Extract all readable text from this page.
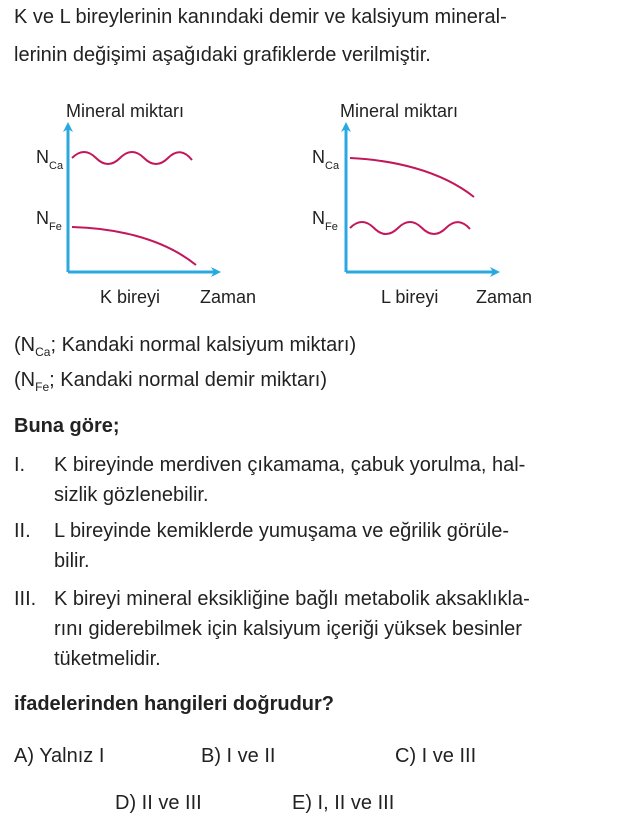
K ve L bireylerinin kanındaki demir ve kalsiyum mineral-
lerinin değişimi aşağıdaki grafiklerde verilmiştir.
Mineral miktarı
$N_{Ca}$
$N_{Fe}$
K bireyi Zaman
Mineral miktarı
$N_{Ca}$
$N_{Fe}$
L bireyi Zaman
($N_{Ca}$; Kandaki normal kalsiyum miktarı)
($N_{Fe}$; Kandaki normal demir miktarı)
Buna göre;
I. K bireyinde merdiven çıkamama, çabuk yorulma, hal-
sizlik gözlenebilir.
II. L bireyinde kemiklerde yumuşama ve eğrilik görüle-
bilir.
III. K bireyi mineral eksikliğine bağlı metabolik aksaklıkla-
rını giderebilmek için kalsiyum içeriği yüksek besinler
tüketmelidir.
ifadelerinden hangileri doğrudur?
A) Yalnız I	B) I ve II	C) I ve III
D) II ve III	E) I, II ve III
